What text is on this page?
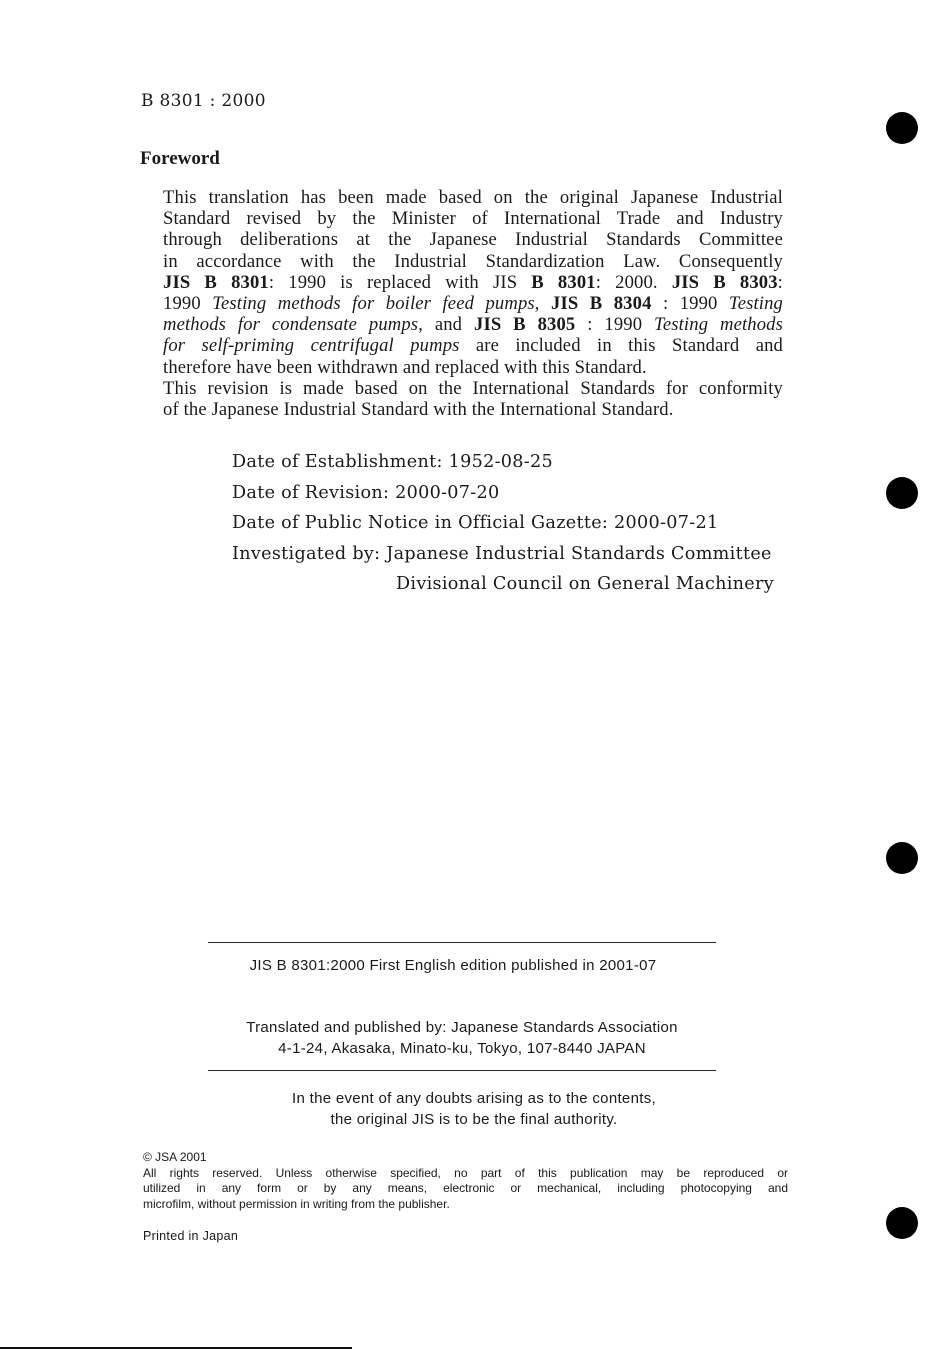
B 8301 : 2000
Foreword
This translation has been made based on the original Japanese Industrial
Standard revised by the Minister of International Trade and Industry
through deliberations at the Japanese Industrial Standards Committee
in accordance with the Industrial Standardization Law. Consequently
JIS B 8301: 1990 is replaced with JIS B 8301: 2000. JIS B 8303:
1990 Testing methods for boiler feed pumps, JIS B 8304 : 1990 Testing
methods for condensate pumps, and JIS B 8305 : 1990 Testing methods
for self-priming centrifugal pumps are included in this Standard and
therefore have been withdrawn and replaced with this Standard.
This revision is made based on the International Standards for conformity
of the Japanese Industrial Standard with the International Standard.
Date of Establishment: 1952-08-25
Date of Revision: 2000-07-20
Date of Public Notice in Official Gazette: 2000-07-21
Investigated by: Japanese Industrial Standards Committee
Divisional Council on General Machinery
JIS B 8301:2000 First English edition published in 2001-07
Translated and published by: Japanese Standards Association
4-1-24, Akasaka, Minato-ku, Tokyo, 107-8440 JAPAN
In the event of any doubts arising as to the contents,
the original JIS is to be the final authority.
© JSA 2001
All rights reserved. Unless otherwise specified, no part of this publication may be reproduced or
utilized in any form or by any means, electronic or mechanical, including photocopying and
microfilm, without permission in writing from the publisher.
Printed in Japan
